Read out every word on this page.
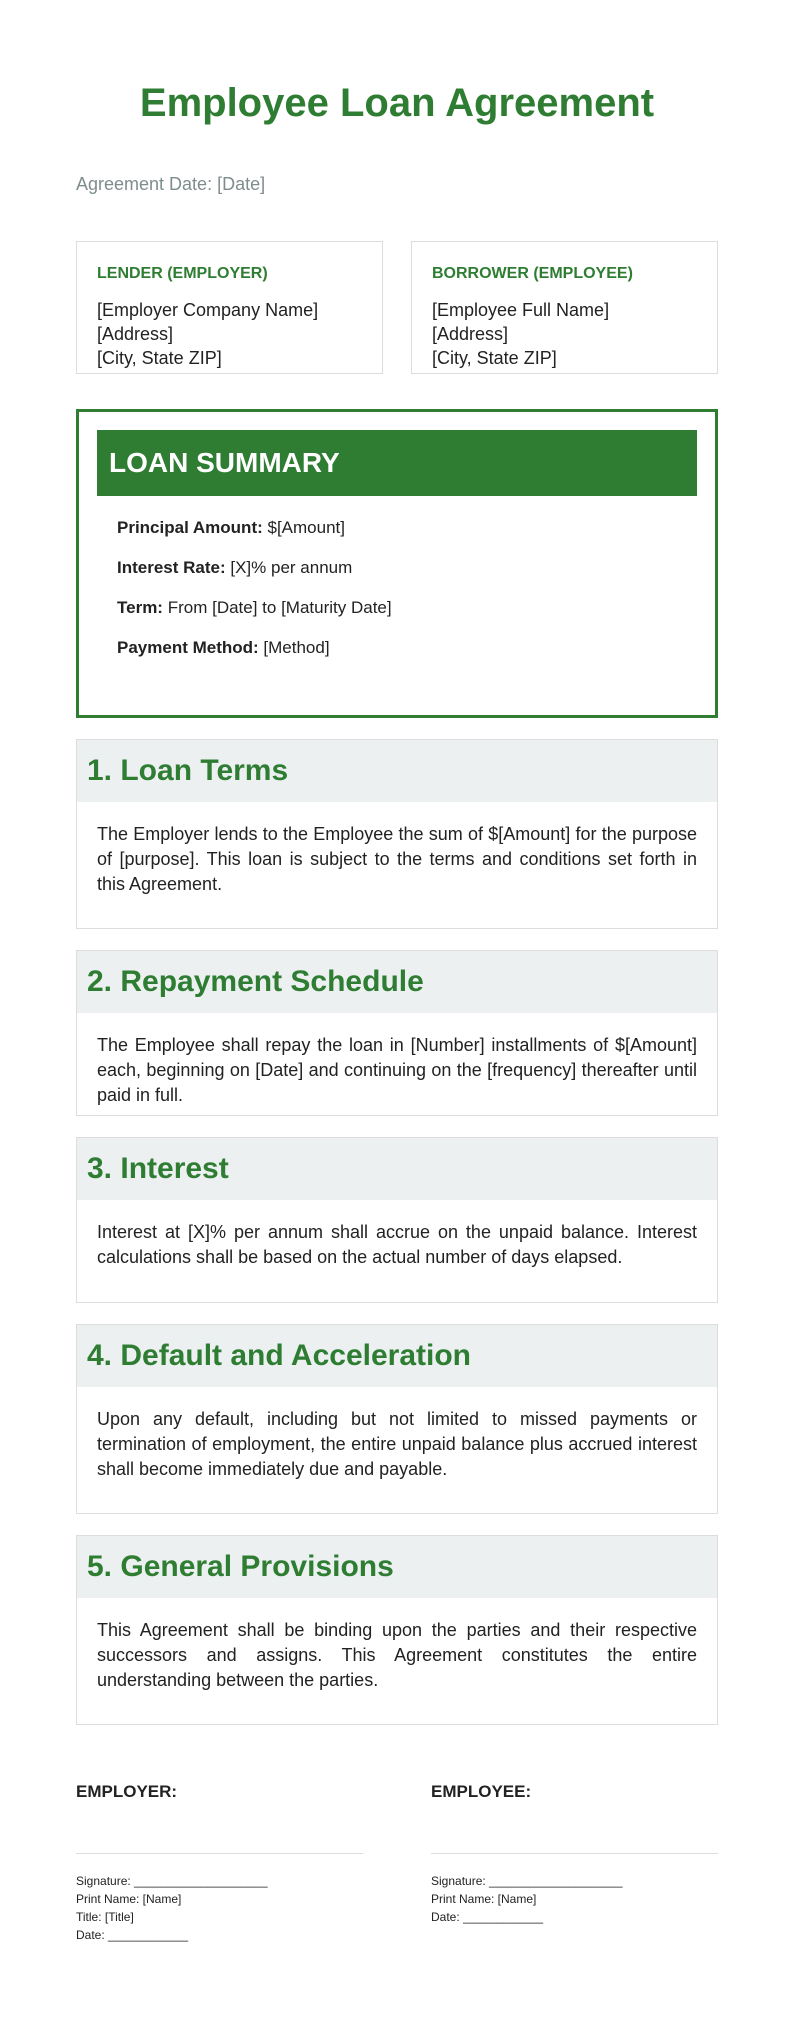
Employee Loan Agreement
Agreement Date: [Date]
LENDER (EMPLOYER)
[Employer Company Name]
[Address]
[City, State ZIP]
BORROWER (EMPLOYEE)
[Employee Full Name]
[Address]
[City, State ZIP]
LOAN SUMMARY
Principal Amount: $[Amount]
Interest Rate: [X]% per annum
Term: From [Date] to [Maturity Date]
Payment Method: [Method]
1. Loan Terms

The Employer lends to the Employee the sum of $[Amount] for the purpose of [purpose]. This loan is subject to the terms and conditions set forth in this Agreement.

2. Repayment Schedule

The Employee shall repay the loan in [Number] installments of $[Amount] each, beginning on [Date] and continuing on the [frequency] thereafter until paid in full.

3. Interest

Interest at [X]% per annum shall accrue on the unpaid balance. Interest calculations shall be based on the actual number of days elapsed.

4. Default and Acceleration

Upon any default, including but not limited to missed payments or termination of employment, the entire unpaid balance plus accrued interest shall become immediately due and payable.

5. General Provisions

This Agreement shall be binding upon the parties and their respective successors and assigns. This Agreement constitutes the entire understanding between the parties.

EMPLOYER:
Signature: ____________________
Print Name: [Name]
Title: [Title]
Date: ____________
EMPLOYEE:
Signature: ____________________
Print Name: [Name]
Date: ____________
